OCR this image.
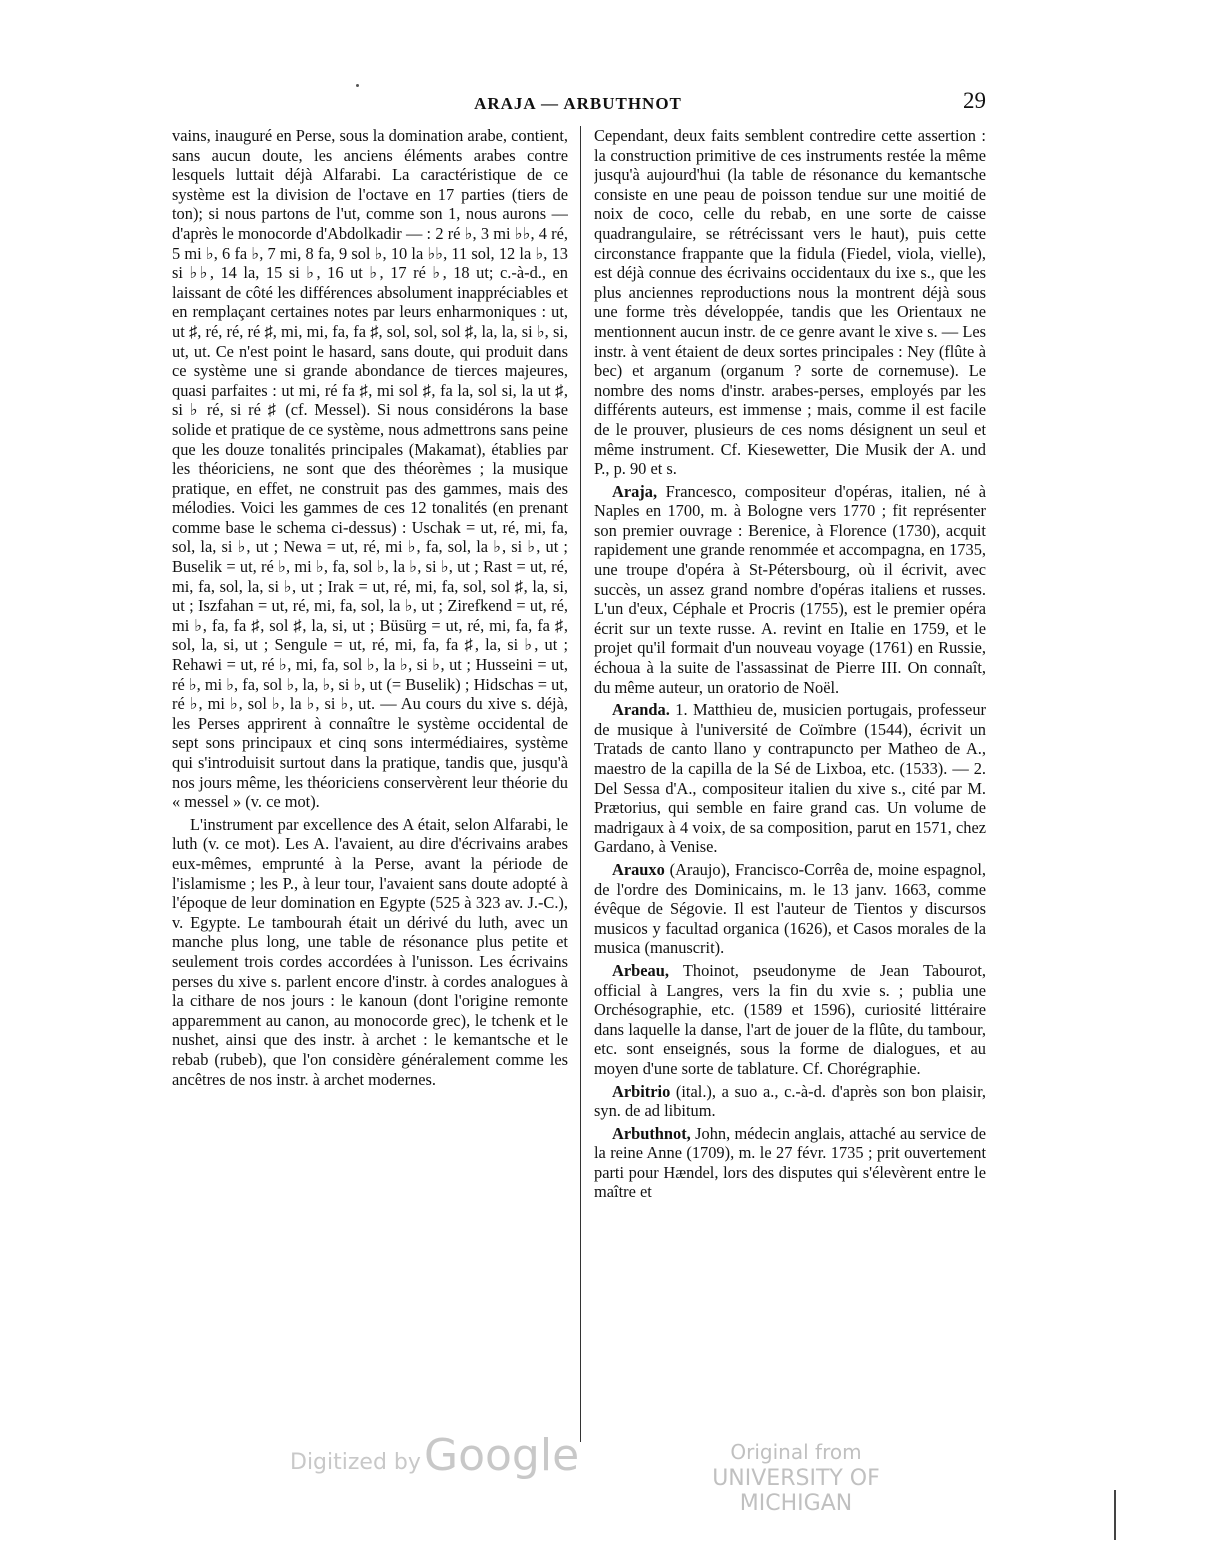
ARAJA — ARBUTHNOT	29

vains, inauguré en Perse, sous la domination arabe, contient, sans aucun doute, les anciens éléments arabes contre lesquels luttait déjà Alfarabi. La caractéristique de ce système est la division de l'octave en 17 parties (tiers de ton); si nous partons de l'ut, comme son 1, nous aurons — d'après le monocorde d'Abdolkadir — : 2 ré ♭, 3 mi ♭♭, 4 ré, 5 mi ♭, 6 fa ♭, 7 mi, 8 fa, 9 sol ♭, 10 la ♭♭, 11 sol, 12 la ♭, 13 si ♭♭, 14 la, 15 si ♭, 16 ut ♭, 17 ré ♭, 18 ut; c.-à-d., en laissant de côté les différences absolument inappréciables et en remplaçant certaines notes par leurs enharmoniques : ut, ut ♯, ré, ré, ré ♯, mi, mi, fa, fa ♯, sol, sol, sol ♯, la, la, si ♭, si, ut, ut. Ce n'est point le hasard, sans doute, qui produit dans ce système une si grande abondance de tierces majeures, quasi parfaites : ut mi, ré fa ♯, mi sol ♯, fa la, sol si, la ut ♯, si ♭ ré, si ré ♯ (cf. Messel). Si nous considérons la base solide et pratique de ce système, nous admettrons sans peine que les douze tonalités principales (Makamat), établies par les théoriciens, ne sont que des théorèmes ; la musique pratique, en effet, ne construit pas des gammes, mais des mélodies. Voici les gammes de ces 12 tonalités (en prenant comme base le schema ci-dessus) : Uschak = ut, ré, mi, fa, sol, la, si ♭, ut ; Newa = ut, ré, mi ♭, fa, sol, la ♭, si ♭, ut ; Buselik = ut, ré ♭, mi ♭, fa, sol ♭, la ♭, si ♭, ut ; Rast = ut, ré, mi, fa, sol, la, si ♭, ut ; Irak = ut, ré, mi, fa, sol, sol ♯, la, si, ut ; Iszfahan = ut, ré, mi, fa, sol, la ♭, ut ; Zirefkend = ut, ré, mi ♭, fa, fa ♯, sol ♯, la, si, ut ; Büsürg = ut, ré, mi, fa, fa ♯, sol, la, si, ut ; Sengule = ut, ré, mi, fa, fa ♯, la, si ♭, ut ; Rehawi = ut, ré ♭, mi, fa, sol ♭, la ♭, si ♭, ut ; Husseini = ut, ré ♭, mi ♭, fa, sol ♭, la, ♭, si ♭, ut (= Buselik) ; Hidschas = ut, ré ♭, mi ♭, sol ♭, la ♭, si ♭, ut. — Au cours du xive s. déjà, les Perses apprirent à connaître le système occidental de sept sons principaux et cinq sons intermédiaires, système qui s'introduisit surtout dans la pratique, tandis que, jusqu'à nos jours même, les théoriciens conservèrent leur théorie du « messel » (v. ce mot).

L'instrument par excellence des A était, selon Alfarabi, le luth (v. ce mot). Les A. l'avaient, au dire d'écrivains arabes eux-mêmes, emprunté à la Perse, avant la période de l'islamisme ; les P., à leur tour, l'avaient sans doute adopté à l'époque de leur domination en Egypte (525 à 323 av. J.-C.), v. Egypte. Le tambourah était un dérivé du luth, avec un manche plus long, une table de résonance plus petite et seulement trois cordes accordées à l'unisson. Les écrivains perses du xive s. parlent encore d'instr. à cordes analogues à la cithare de nos jours : le kanoun (dont l'origine remonte apparemment au canon, au monocorde grec), le tchenk et le nushet, ainsi que des instr. à archet : le kemantsche et le rebab (rubeb), que l'on considère généralement comme les ancêtres de nos instr. à archet modernes.

Cependant, deux faits semblent contredire cette assertion : la construction primitive de ces instruments restée la même jusqu'à aujourd'hui (la table de résonance du kemantsche consiste en une peau de poisson tendue sur une moitié de noix de coco, celle du rebab, en une sorte de caisse quadrangulaire, se rétrécissant vers le haut), puis cette circonstance frappante que la fidula (Fiedel, viola, vielle), est déjà connue des écrivains occidentaux du ixe s., que les plus anciennes reproductions nous la montrent déjà sous une forme très développée, tandis que les Orientaux ne mentionnent aucun instr. de ce genre avant le xive s. — Les instr. à vent étaient de deux sortes principales : Ney (flûte à bec) et arganum (organum ? sorte de cornemuse). Le nombre des noms d'instr. arabes-perses, employés par les différents auteurs, est immense ; mais, comme il est facile de le prouver, plusieurs de ces noms désignent un seul et même instrument. Cf. Kiesewetter, Die Musik der A. und P., p. 90 et s.

Araja, Francesco, compositeur d'opéras, italien, né à Naples en 1700, m. à Bologne vers 1770 ; fit représenter son premier ouvrage : Berenice, à Florence (1730), acquit rapidement une grande renommée et accompagna, en 1735, une troupe d'opéra à St-Pétersbourg, où il écrivit, avec succès, un assez grand nombre d'opéras italiens et russes. L'un d'eux, Céphale et Procris (1755), est le premier opéra écrit sur un texte russe. A. revint en Italie en 1759, et le projet qu'il formait d'un nouveau voyage (1761) en Russie, échoua à la suite de l'assassinat de Pierre III. On connaît, du même auteur, un oratorio de Noël.

Aranda. 1. Matthieu de, musicien portugais, professeur de musique à l'université de Coïmbre (1544), écrivit un Tratads de canto llano y contrapuncto per Matheo de A., maestro de la capilla de la Sé de Lixboa, etc. (1533). — 2. Del Sessa d'A., compositeur italien du xive s., cité par M. Prætorius, qui semble en faire grand cas. Un volume de madrigaux à 4 voix, de sa composition, parut en 1571, chez Gardano, à Venise.

Arauxo (Araujo), Francisco-Corrêa de, moine espagnol, de l'ordre des Dominicains, m. le 13 janv. 1663, comme évêque de Ségovie. Il est l'auteur de Tientos y discursos musicos y facultad organica (1626), et Casos morales de la musica (manuscrit).

Arbeau, Thoinot, pseudonyme de Jean Tabourot, official à Langres, vers la fin du xvie s. ; publia une Orchésographie, etc. (1589 et 1596), curiosité littéraire dans laquelle la danse, l'art de jouer de la flûte, du tambour, etc. sont enseignés, sous la forme de dialogues, et au moyen d'une sorte de tablature. Cf. Chorégraphie.

Arbitrio (ital.), a suo a., c.-à-d. d'après son bon plaisir, syn. de ad libitum.

Arbuthnot, John, médecin anglais, attaché au service de la reine Anne (1709), m. le 27 févr. 1735 ; prit ouvertement parti pour Hændel, lors des disputes qui s'élevèrent entre le maître et

Digitized by Google	Original from
UNIVERSITY OF MICHIGAN
